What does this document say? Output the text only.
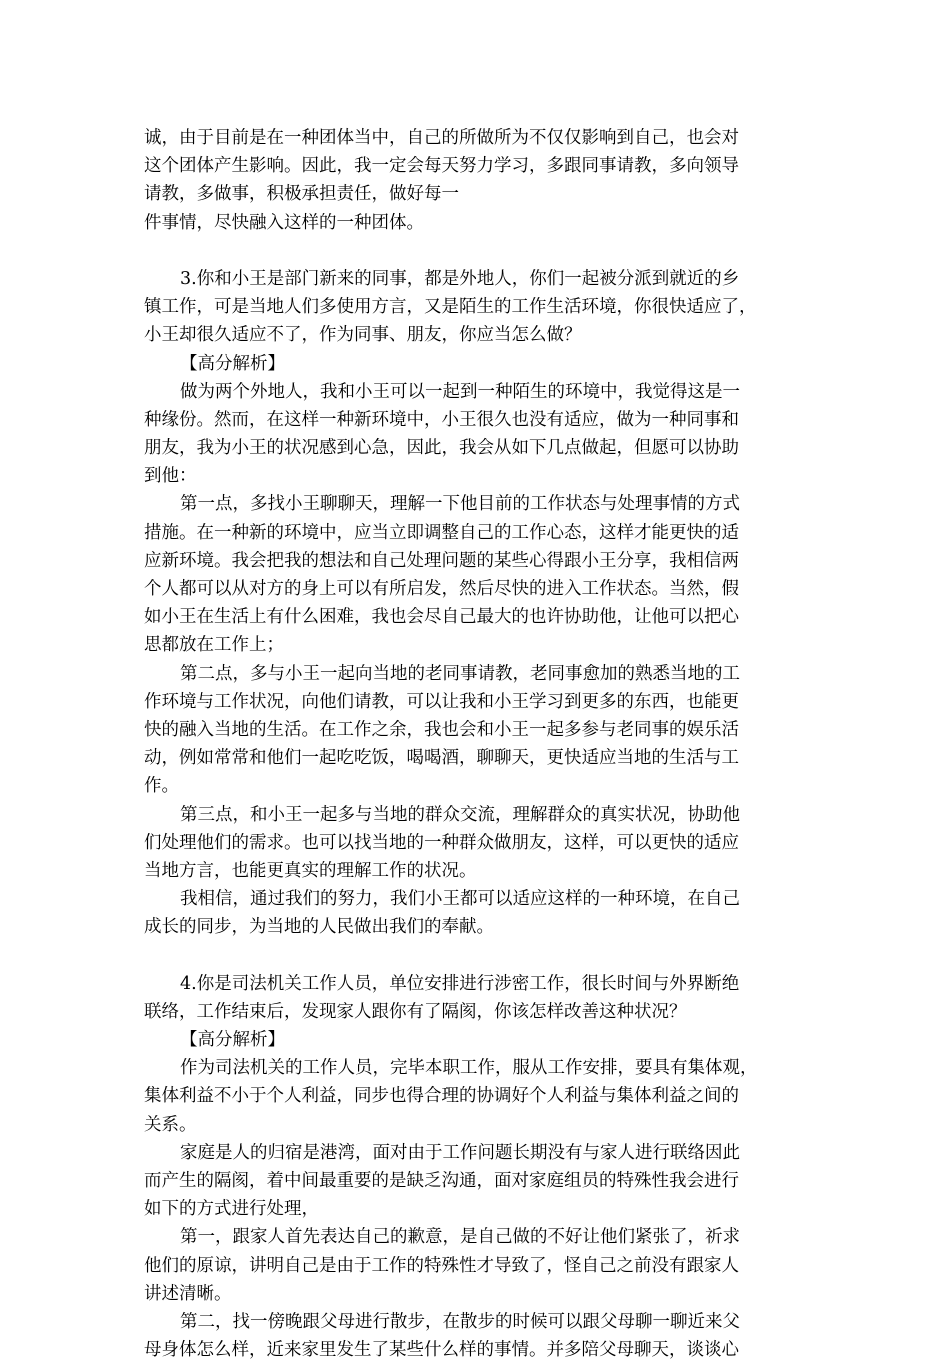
诚，由于目前是在一种团体当中，自己的所做所为不仅仅影响到自己，也会对
这个团体产生影响。因此，我一定会每天努力学习，多跟同事请教，多向领导
请教，多做事，积极承担责任，做好每一
件事情，尽快融入这样的一种团体。
3.你和小王是部门新来的同事，都是外地人，你们一起被分派到就近的乡
镇工作，可是当地人们多使用方言，又是陌生的工作生活环境，你很快适应了，
小王却很久适应不了，作为同事、朋友，你应当怎么做？
【高分解析】
做为两个外地人，我和小王可以一起到一种陌生的环境中，我觉得这是一
种缘份。然而，在这样一种新环境中，小王很久也没有适应，做为一种同事和
朋友，我为小王的状况感到心急，因此，我会从如下几点做起，但愿可以协助
到他：
第一点，多找小王聊聊天，理解一下他目前的工作状态与处理事情的方式
措施。在一种新的环境中，应当立即调整自己的工作心态，这样才能更快的适
应新环境。我会把我的想法和自己处理问题的某些心得跟小王分享，我相信两
个人都可以从对方的身上可以有所启发，然后尽快的进入工作状态。当然，假
如小王在生活上有什么困难，我也会尽自己最大的也许协助他，让他可以把心
思都放在工作上；
第二点，多与小王一起向当地的老同事请教，老同事愈加的熟悉当地的工
作环境与工作状况，向他们请教，可以让我和小王学习到更多的东西，也能更
快的融入当地的生活。在工作之余，我也会和小王一起多参与老同事的娱乐活
动，例如常常和他们一起吃吃饭，喝喝酒，聊聊天，更快适应当地的生活与工
作。
第三点，和小王一起多与当地的群众交流，理解群众的真实状况，协助他
们处理他们的需求。也可以找当地的一种群众做朋友，这样，可以更快的适应
当地方言，也能更真实的理解工作的状况。
我相信，通过我们的努力，我们小王都可以适应这样的一种环境，在自己
成长的同步，为当地的人民做出我们的奉献。
4.你是司法机关工作人员，单位安排进行涉密工作，很长时间与外界断绝
联络，工作结束后，发现家人跟你有了隔阂，你该怎样改善这种状况？
【高分解析】
作为司法机关的工作人员，完毕本职工作，服从工作安排，要具有集体观，
集体利益不小于个人利益，同步也得合理的协调好个人利益与集体利益之间的
关系。
家庭是人的归宿是港湾，面对由于工作问题长期没有与家人进行联络因此
而产生的隔阂，着中间最重要的是缺乏沟通，面对家庭组员的特殊性我会进行
如下的方式进行处理，
第一，跟家人首先表达自己的歉意，是自己做的不好让他们紧张了，祈求
他们的原谅，讲明自己是由于工作的特殊性才导致了，怪自己之前没有跟家人
讲述清晰。
第二，找一傍晚跟父母进行散步，在散步的时候可以跟父母聊一聊近来父
母身体怎么样，近来家里发生了某些什么样的事情。并多陪父母聊天，谈谈心
